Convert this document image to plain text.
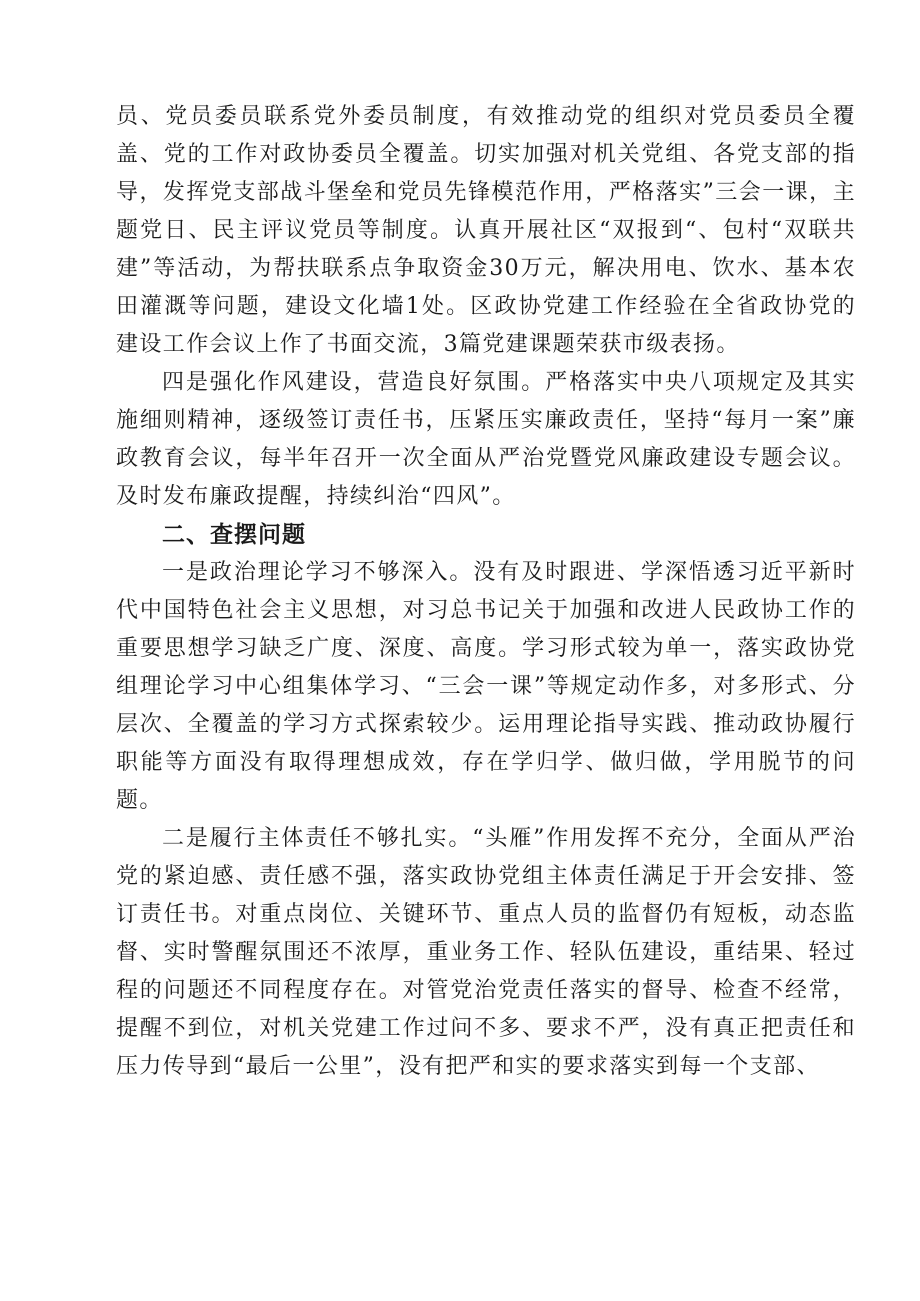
员、党员委员联系党外委员制度，有效推动党的组织对党员委员全覆盖、党的工作对政协委员全覆盖。切实加强对机关党组、各党支部的指导，发挥党支部战斗堡垒和党员先锋模范作用，严格落实”三会一课，主题党日、民主评议党员等制度。认真开展社区“双报到“、包村“双联共建”等活动，为帮扶联系点争取资金30万元，解决用电、饮水、基本农田灌溉等问题，建设文化墙1处。区政协党建工作经验在全省政协党的建设工作会议上作了书面交流，3篇党建课题荣获市级表扬。

四是强化作风建设，营造良好氛围。严格落实中央八项规定及其实施细则精神，逐级签订责任书，压紧压实廉政责任，坚持“每月一案”廉政教育会议，每半年召开一次全面从严治党暨党风廉政建设专题会议。及时发布廉政提醒，持续纠治“四风”。

二、查摆问题

一是政治理论学习不够深入。没有及时跟进、学深悟透习近平新时代中国特色社会主义思想，对习总书记关于加强和改进人民政协工作的重要思想学习缺乏广度、深度、高度。学习形式较为单一，落实政协党组理论学习中心组集体学习、“三会一课”等规定动作多，对多形式、分层次、全覆盖的学习方式探索较少。运用理论指导实践、推动政协履行职能等方面没有取得理想成效，存在学归学、做归做，学用脱节的问题。

二是履行主体责任不够扎实。“头雁”作用发挥不充分，全面从严治党的紧迫感、责任感不强，落实政协党组主体责任满足于开会安排、签订责任书。对重点岗位、关键环节、重点人员的监督仍有短板，动态监督、实时警醒氛围还不浓厚，重业务工作、轻队伍建设，重结果、轻过程的问题还不同程度存在。对管党治党责任落实的督导、检查不经常，提醒不到位，对机关党建工作过问不多、要求不严，没有真正把责任和压力传导到“最后一公里”，没有把严和实的要求落实到每一个支部、
